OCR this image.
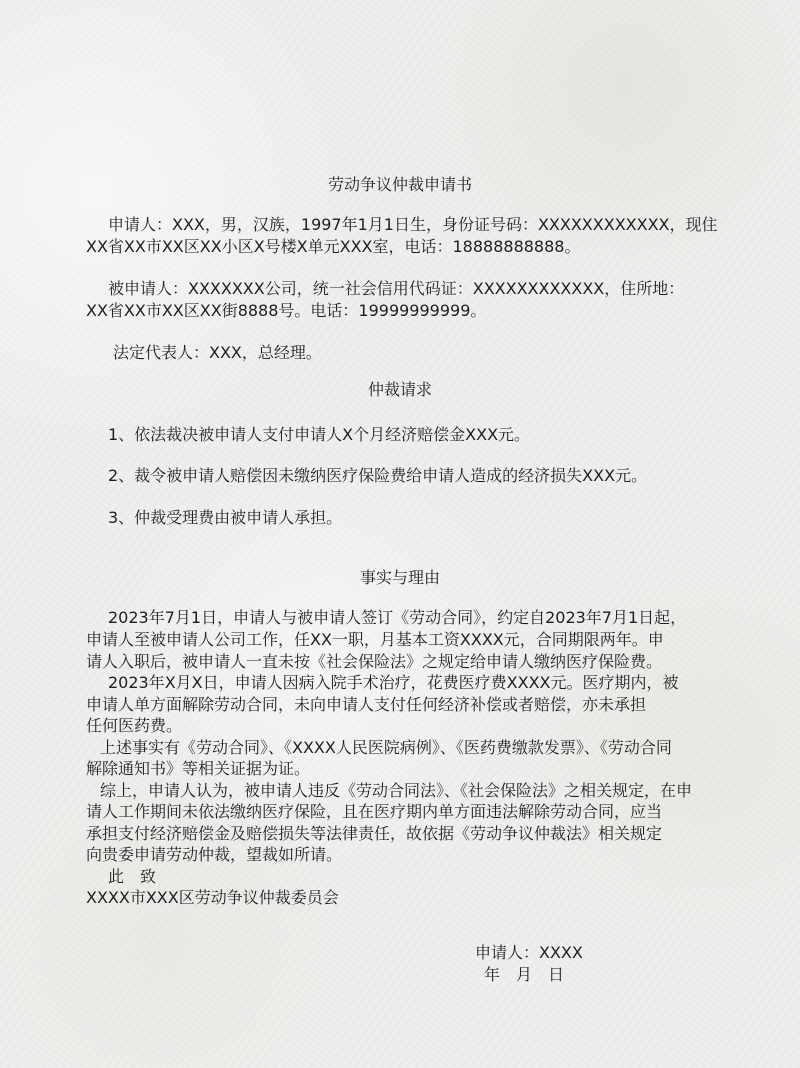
劳动争议仲裁申请书
申请人：XXX，男，汉族，1997年1月1日生，身份证号码：XXXXXXXXXXXX，现住
XX省XX市XX区XX小区X号楼X单元XXX室，电话：18888888888。
被申请人：XXXXXXX公司，统一社会信用代码证：XXXXXXXXXXXX，住所地：
XX省XX市XX区XX街8888号。电话：19999999999。
法定代表人：XXX，总经理。
仲裁请求
1、依法裁决被申请人支付申请人X个月经济赔偿金XXX元。
2、裁令被申请人赔偿因未缴纳医疗保险费给申请人造成的经济损失XXX元。
3、仲裁受理费由被申请人承担。
事实与理由
2023年7月1日，申请人与被申请人签订《劳动合同》，约定自2023年7月1日起，
申请人至被申请人公司工作，任XX一职，月基本工资XXXX元，合同期限两年。申
请人入职后，被申请人一直未按《社会保险法》之规定给申请人缴纳医疗保险费。
2023年X月X日，申请人因病入院手术治疗，花费医疗费XXXX元。医疗期内，被
申请人单方面解除劳动合同，未向申请人支付任何经济补偿或者赔偿，亦未承担
任何医药费。
上述事实有《劳动合同》、《XXXX人民医院病例》、《医药费缴款发票》、《劳动合同
解除通知书》等相关证据为证。
综上，申请人认为，被申请人违反《劳动合同法》、《社会保险法》之相关规定，在申
请人工作期间未依法缴纳医疗保险，且在医疗期内单方面违法解除劳动合同，应当
承担支付经济赔偿金及赔偿损失等法律责任，故依据《劳动争议仲裁法》相关规定
向贵委申请劳动仲裁，望裁如所请。
此　致
XXXX市XXX区劳动争议仲裁委员会
申请人：XXXX
年　月　日
